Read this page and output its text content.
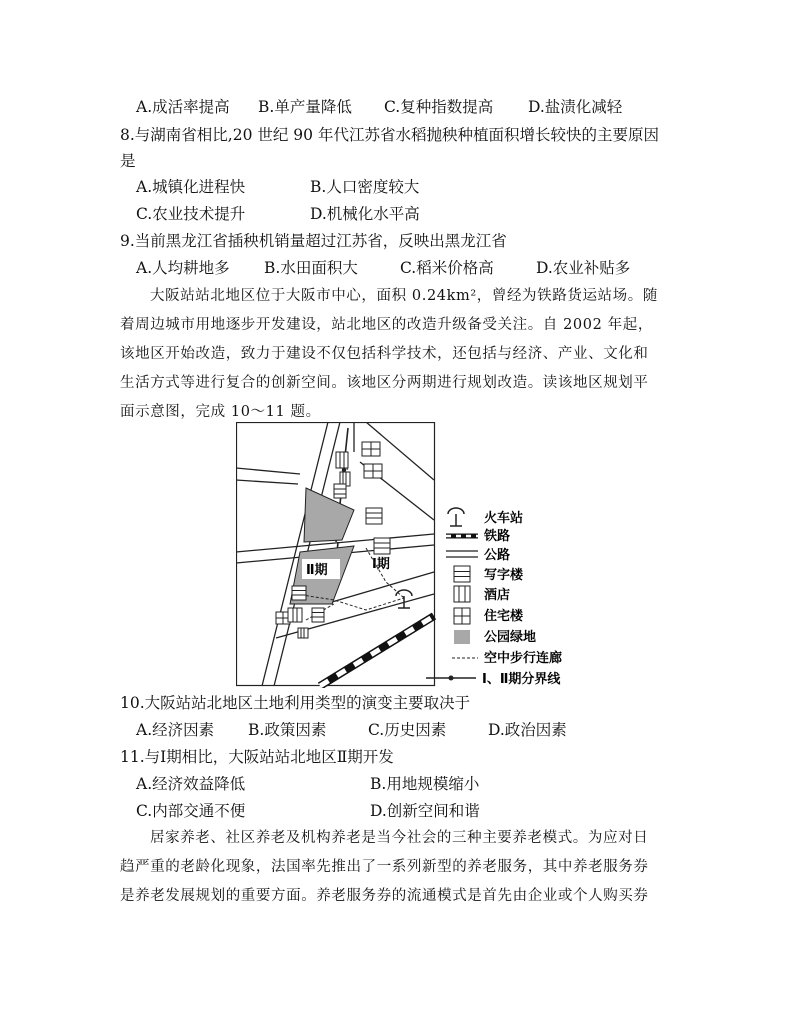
A.成活率提高 B.单产量降低 C.复种指数提高 D.盐渍化减轻
8.与湖南省相比,20 世纪 90 年代江苏省水稻抛秧种植面积增长较快的主要原因
是
A.城镇化进程快	B.人口密度较大
C.农业技术提升	D.机械化水平高
9.当前黑龙江省插秧机销量超过江苏省，反映出黑龙江省
A.人均耕地多 B.水田面积大	C.稻米价格高	D.农业补贴多
大阪站站北地区位于大阪市中心，面积 0.24km²，曾经为铁路货运站场。随
着周边城市用地逐步开发建设，站北地区的改造升级备受关注。自 2002 年起，
该地区开始改造，致力于建设不仅包括科学技术，还包括与经济、产业、文化和
生活方式等进行复合的创新空间。该地区分两期进行规划改造。读该地区规划平
面示意图，完成 10～11 题。
Ⅱ期	Ⅰ期
火车站
铁路
公路
写字楼
酒店
住宅楼
公园绿地
空中步行连廊
Ⅰ、Ⅱ期分界线
10.大阪站站北地区土地利用类型的演变主要取决于
A.经济因素 B.政策因素	C.历史因素	D.政治因素
11.与Ⅰ期相比，大阪站站北地区Ⅱ期开发
A.经济效益降低	B.用地规模缩小
C.内部交通不便	D.创新空间和谐
居家养老、社区养老及机构养老是当今社会的三种主要养老模式。为应对日
趋严重的老龄化现象，法国率先推出了一系列新型的养老服务，其中养老服务券
是养老发展规划的重要方面。养老服务券的流通模式是首先由企业或个人购买券
